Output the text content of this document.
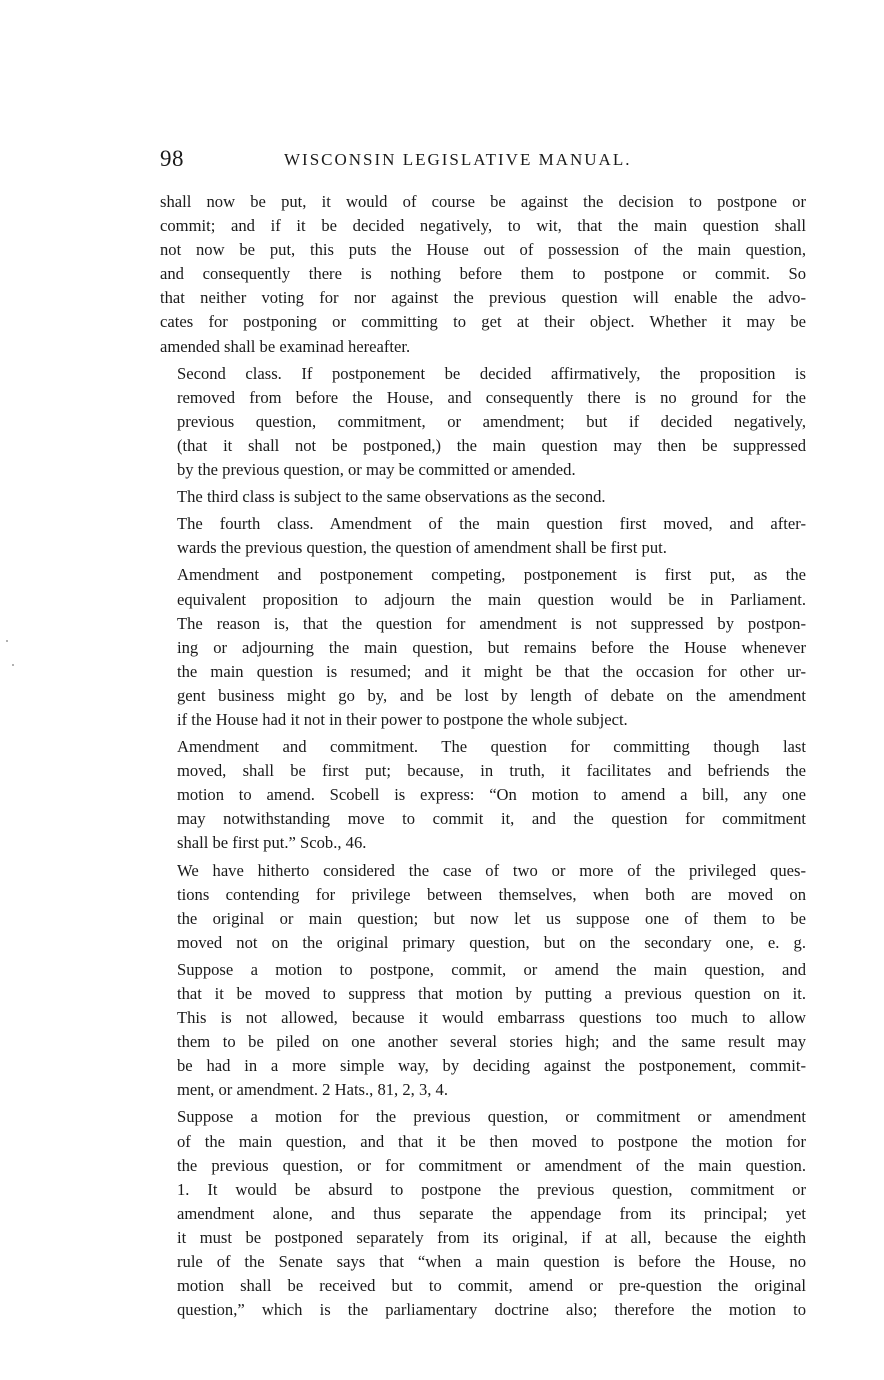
98	WISCONSIN LEGISLATIVE MANUAL.

shall now be put, it would of course be against the decision to postpone or
commit; and if it be decided negatively, to wit, that the main question shall
not now be put, this puts the House out of possession of the main question,
and consequently there is nothing before them to postpone or commit. So
that neither voting for nor against the previous question will enable the advo-
cates for postponing or committing to get at their object. Whether it may be
amended shall be examinad hereafter.

Second class. If postponement be decided affirmatively, the proposition is
removed from before the House, and consequently there is no ground for the
previous question, commitment, or amendment; but if decided negatively,
(that it shall not be postponed,) the main question may then be suppressed
by the previous question, or may be committed or amended.

The third class is subject to the same observations as the second.

The fourth class. Amendment of the main question first moved, and after-
wards the previous question, the question of amendment shall be first put.

Amendment and postponement competing, postponement is first put, as the
equivalent proposition to adjourn the main question would be in Parliament.
The reason is, that the question for amendment is not suppressed by postpon-
ing or adjourning the main question, but remains before the House whenever
the main question is resumed; and it might be that the occasion for other ur-
gent business might go by, and be lost by length of debate on the amendment
if the House had it not in their power to postpone the whole subject.

Amendment and commitment. The question for committing though last
moved, shall be first put; because, in truth, it facilitates and befriends the
motion to amend. Scobell is express: “On motion to amend a bill, any one
may notwithstanding move to commit it, and the question for commitment
shall be first put.” Scob., 46.

We have hitherto considered the case of two or more of the privileged ques-
tions contending for privilege between themselves, when both are moved on
the original or main question; but now let us suppose one of them to be
moved not on the original primary question, but on the secondary one, e. g.

Suppose a motion to postpone, commit, or amend the main question, and
that it be moved to suppress that motion by putting a previous question on it.
This is not allowed, because it would embarrass questions too much to allow
them to be piled on one another several stories high; and the same result may
be had in a more simple way, by deciding against the postponement, commit-
ment, or amendment. 2 Hats., 81, 2, 3, 4.

Suppose a motion for the previous question, or commitment or amendment
of the main question, and that it be then moved to postpone the motion for
the previous question, or for commitment or amendment of the main question.
1. It would be absurd to postpone the previous question, commitment or
amendment alone, and thus separate the appendage from its principal; yet
it must be postponed separately from its original, if at all, because the eighth
rule of the Senate says that “when a main question is before the House, no
motion shall be received but to commit, amend or pre-question the original
question,” which is the parliamentary doctrine also; therefore the motion to
